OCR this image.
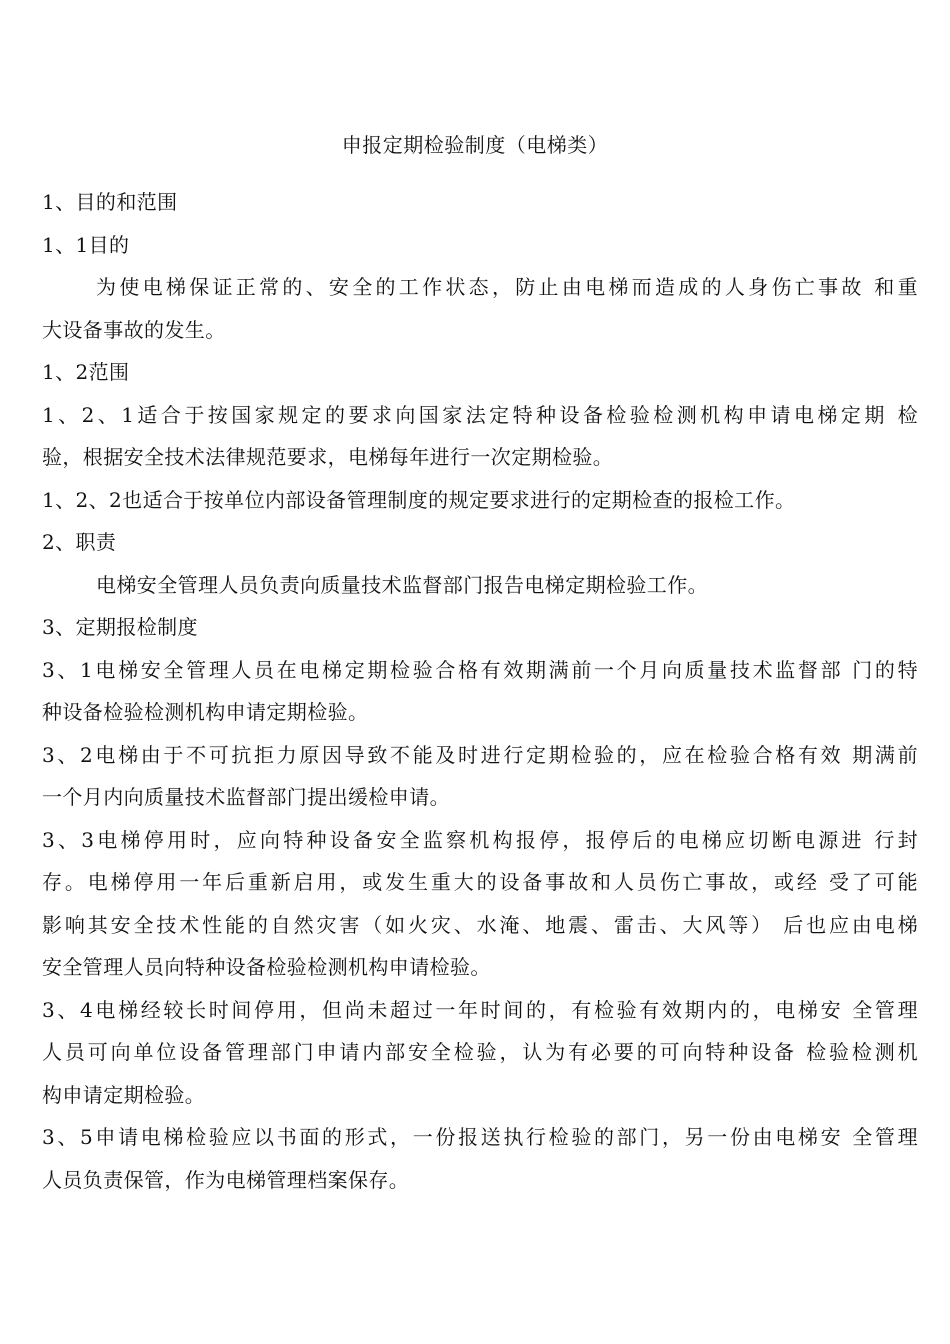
申报定期检验制度（电梯类）
1、目的和范围
1、1目的
为使电梯保证正常的、安全的工作状态，防止由电梯而造成的人身伤亡事故 和重
大设备事故的发生。
1、2范围
1、2、1适合于按国家规定的要求向国家法定特种设备检验检测机构申请电梯定期 检
验，根据安全技术法律规范要求，电梯每年进行一次定期检验。
1、2、2也适合于按单位内部设备管理制度的规定要求进行的定期检查的报检工作。
2、职责
电梯安全管理人员负责向质量技术监督部门报告电梯定期检验工作。
3、定期报检制度
3、1电梯安全管理人员在电梯定期检验合格有效期满前一个月向质量技术监督部 门的特
种设备检验检测机构申请定期检验。
3、2电梯由于不可抗拒力原因导致不能及时进行定期检验的，应在检验合格有效 期满前
一个月内向质量技术监督部门提出缓检申请。
3、3电梯停用时，应向特种设备安全监察机构报停，报停后的电梯应切断电源进 行封
存。电梯停用一年后重新启用，或发生重大的设备事故和人员伤亡事故，或经 受了可能
影响其安全技术性能的自然灾害（如火灾、水淹、地震、雷击、大风等） 后也应由电梯
安全管理人员向特种设备检验检测机构申请检验。
3、4电梯经较长时间停用，但尚未超过一年时间的，有检验有效期内的，电梯安 全管理
人员可向单位设备管理部门申请内部安全检验，认为有必要的可向特种设备 检验检测机
构申请定期检验。
3、5申请电梯检验应以书面的形式，一份报送执行检验的部门，另一份由电梯安 全管理
人员负责保管，作为电梯管理档案保存。
